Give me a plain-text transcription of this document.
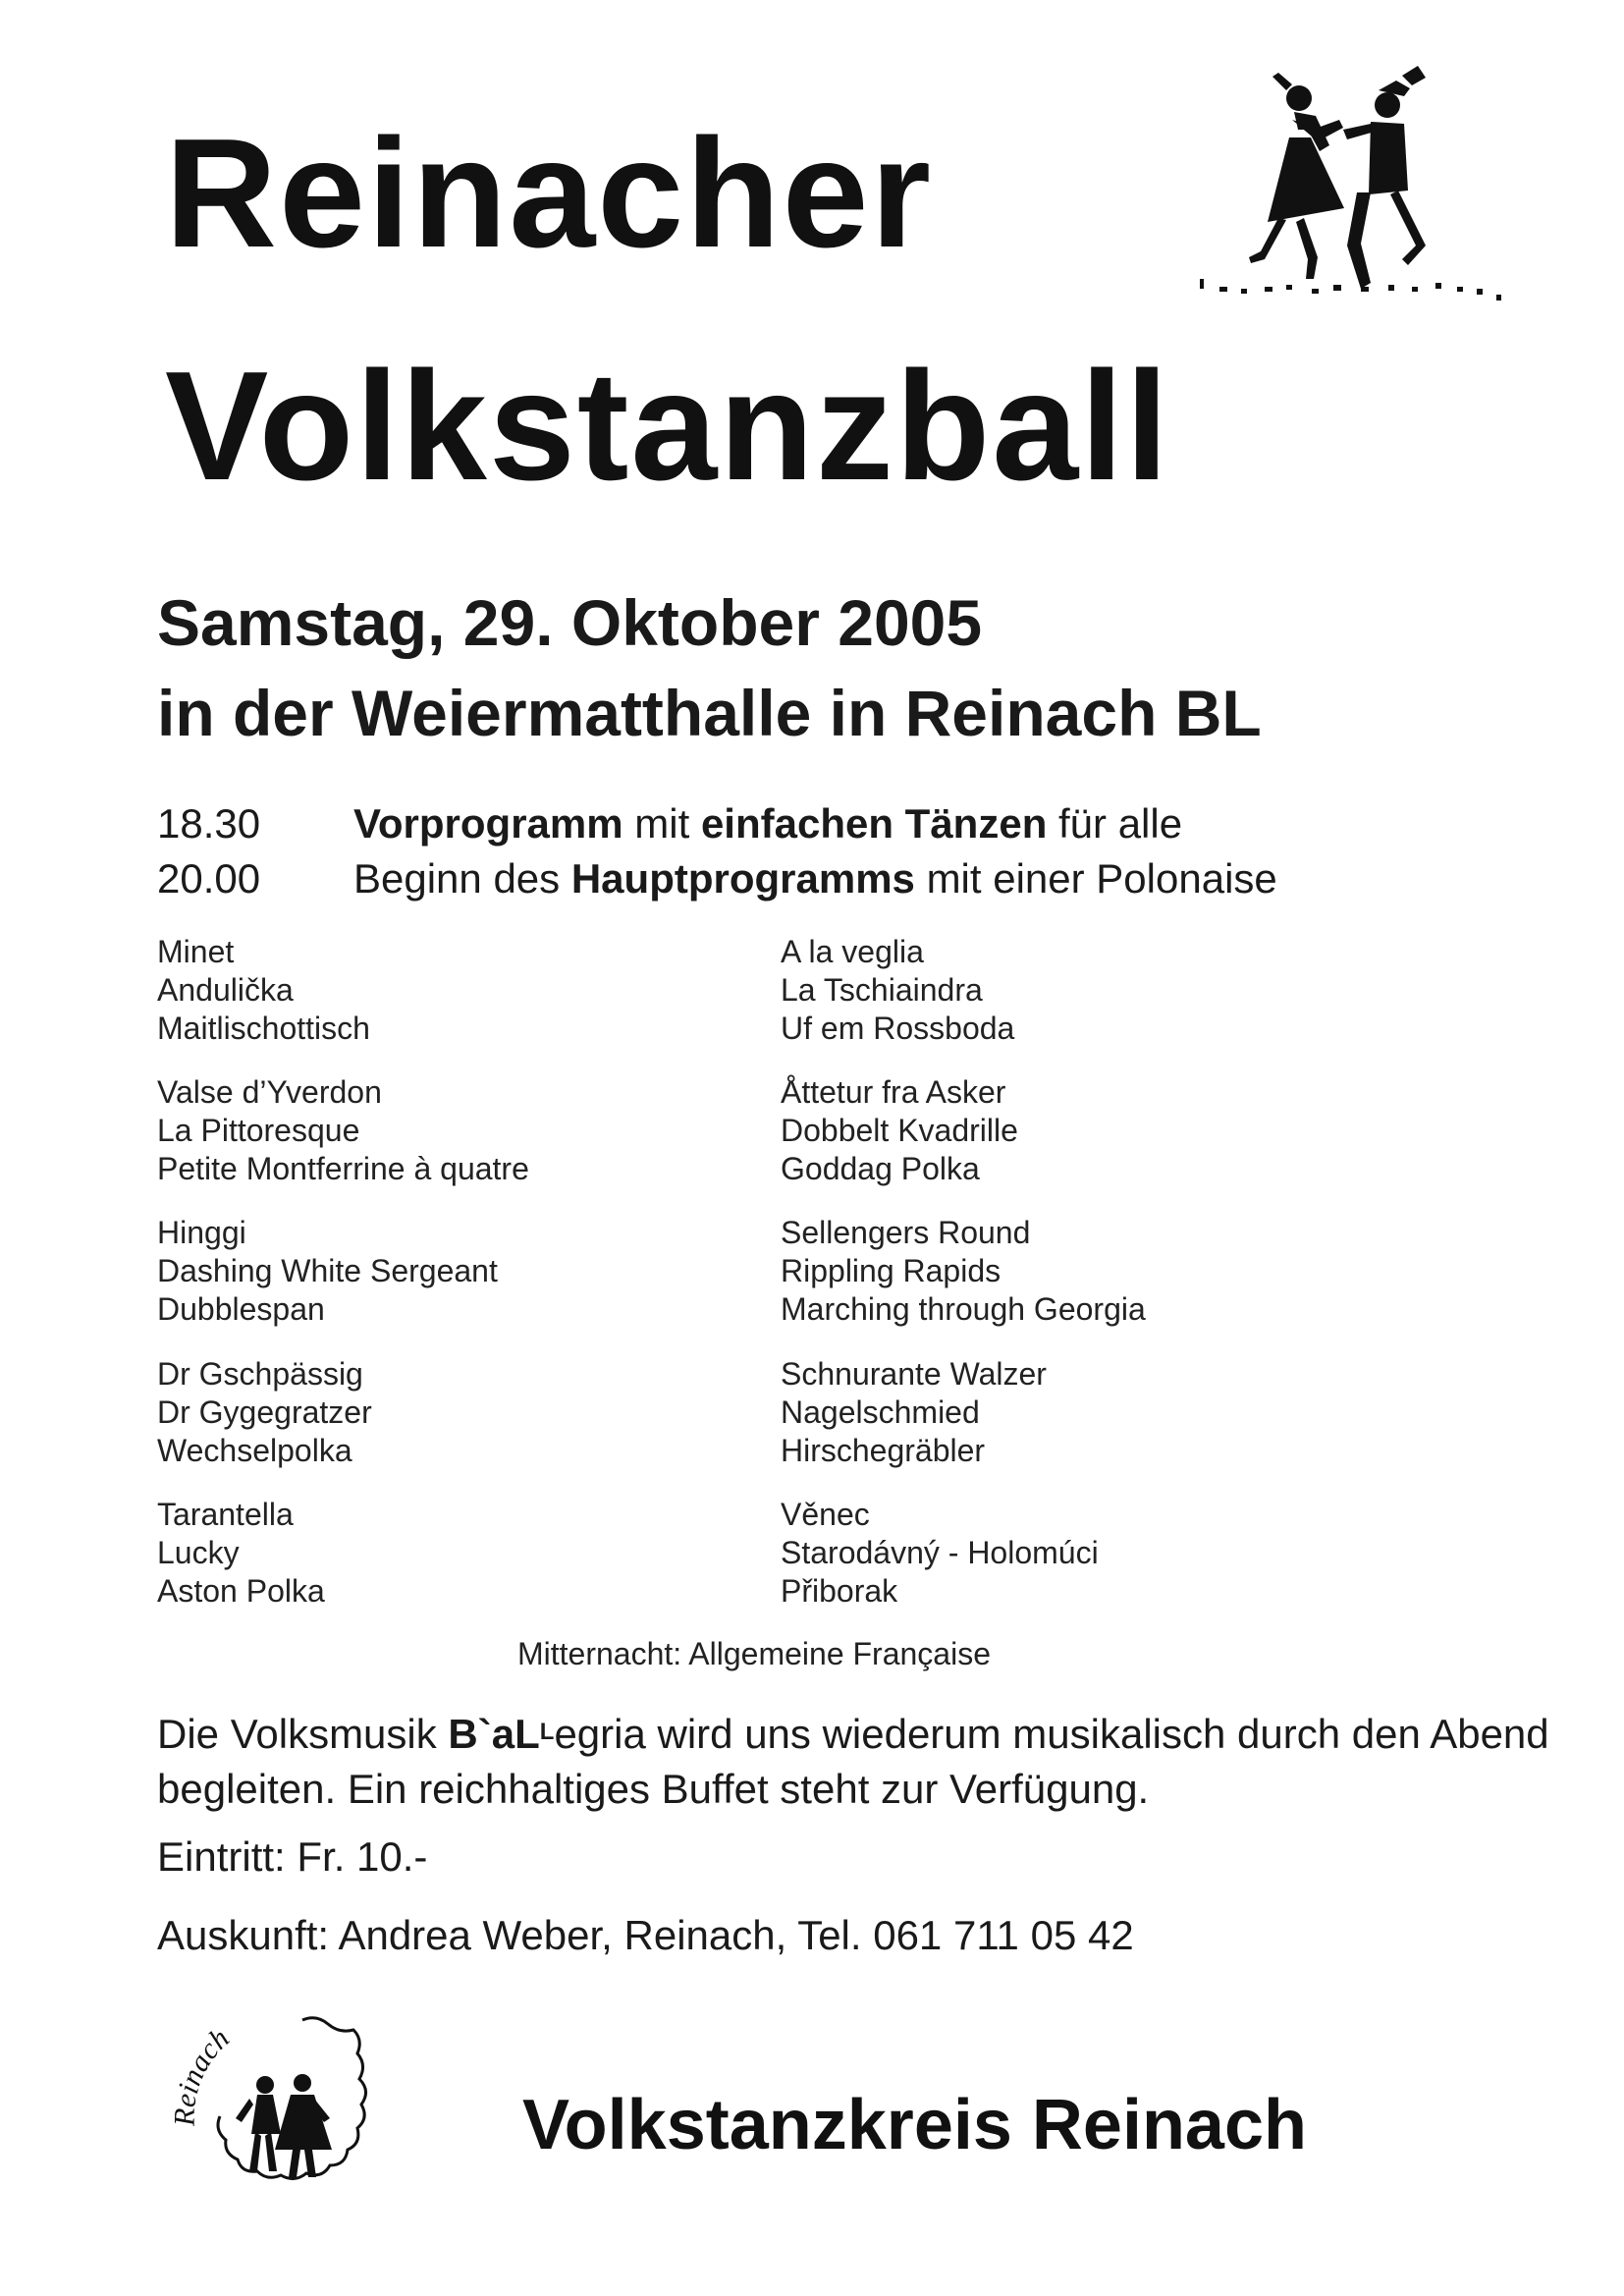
Reinacher
Volkstanzball
Samstag, 29. Oktober 2005
in der Weiermatthalle in Reinach BL
18.30 Vorprogramm mit einfachen Tänzen für alle
20.00 Beginn des Hauptprogramms mit einer Polonaise
Minet
Andulička
Maitlischottisch
Valse d’Yverdon
La Pittoresque
Petite Montferrine à quatre
Hinggi
Dashing White Sergeant
Dubblespan
Dr Gschpässig
Dr Gygegratzer
Wechselpolka
Tarantella
Lucky
Aston Polka
A la veglia
La Tschiaindra
Uf em Rossboda
Åttetur fra Asker
Dobbelt Kvadrille
Goddag Polka
Sellengers Round
Rippling Rapids
Marching through Georgia
Schnurante Walzer
Nagelschmied
Hirschegräbler
Věnec
Starodávný - Holomúci
Přiborak
Mitternacht: Allgemeine Française
Die Volksmusik $B`aL^Legria$ wird uns wiederum musikalisch durch den Abend begleiten. Ein reichhaltiges Buffet steht zur Verfügung.
Eintritt: Fr. 10.-
Auskunft: Andrea Weber, Reinach, Tel. 061 711 05 42
Reinach
Volkstanzkreis Reinach
